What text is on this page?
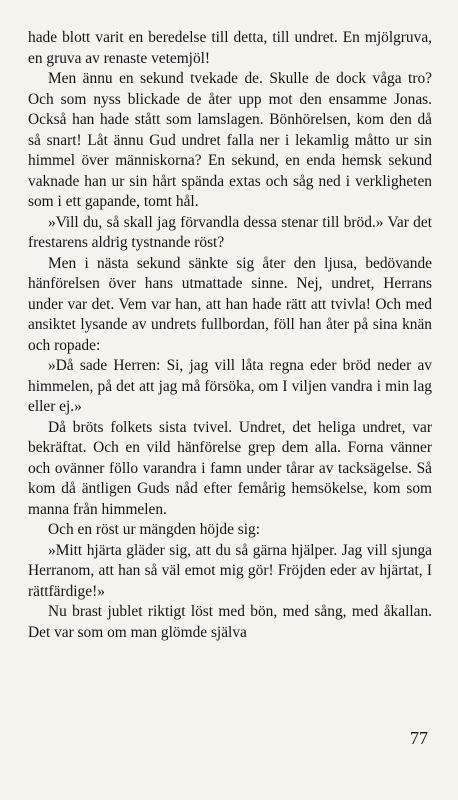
hade blott varit en beredelse till detta, till undret. En mjölgruva, en gruva av renaste vetemjöl!

Men ännu en sekund tvekade de. Skulle de dock våga tro? Och som nyss blickade de åter upp mot den ensamme Jonas. Också han hade stått som lamslagen. Bönhörelsen, kom den då så snart! Låt ännu Gud undret falla ner i lekamlig måtto ur sin himmel över människorna? En sekund, en enda hemsk sekund vaknade han ur sin hårt spända extas och såg ned i verkligheten som i ett gapande, tomt hål.

»Vill du, så skall jag förvandla dessa stenar till bröd.» Var det frestarens aldrig tystnande röst?

Men i nästa sekund sänkte sig åter den ljusa, bedövande hänförelsen över hans utmattade sinne. Nej, undret, Herrans under var det. Vem var han, att han hade rätt att tvivla! Och med ansiktet lysande av undrets fullbordan, föll han åter på sina knän och ropade:

»Då sade Herren: Si, jag vill låta regna eder bröd neder av himmelen, på det att jag må försöka, om I viljen vandra i min lag eller ej.»

Då bröts folkets sista tvivel. Undret, det heliga undret, var bekräftat. Och en vild hänförelse grep dem alla. Forna vänner och ovänner föllo varandra i famn under tårar av tacksägelse. Så kom då äntligen Guds nåd efter femårig hemsökelse, kom som manna från himmelen.

Och en röst ur mängden höjde sig:

»Mitt hjärta gläder sig, att du så gärna hjälper. Jag vill sjunga Herranom, att han så väl emot mig gör! Fröjden eder av hjärtat, I rättfärdige!»

Nu brast jublet riktigt löst med bön, med sång, med åkallan. Det var som om man glömde själva

77
